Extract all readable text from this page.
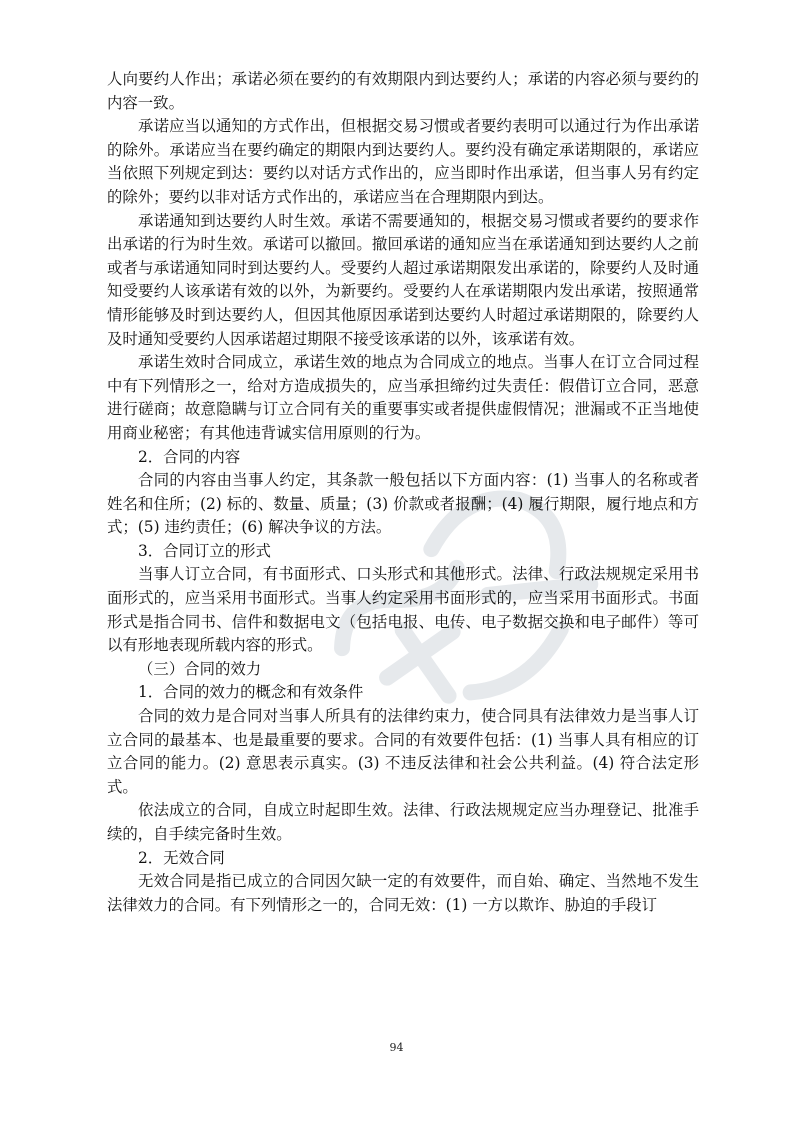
人向要约人作出；承诺必须在要约的有效期限内到达要约人；承诺的内容必须与要约的内容一致。

承诺应当以通知的方式作出，但根据交易习惯或者要约表明可以通过行为作出承诺的除外。承诺应当在要约确定的期限内到达要约人。要约没有确定承诺期限的，承诺应当依照下列规定到达：要约以对话方式作出的，应当即时作出承诺，但当事人另有约定的除外；要约以非对话方式作出的，承诺应当在合理期限内到达。

承诺通知到达要约人时生效。承诺不需要通知的，根据交易习惯或者要约的要求作出承诺的行为时生效。承诺可以撤回。撤回承诺的通知应当在承诺通知到达要约人之前或者与承诺通知同时到达要约人。受要约人超过承诺期限发出承诺的，除要约人及时通知受要约人该承诺有效的以外，为新要约。受要约人在承诺期限内发出承诺，按照通常情形能够及时到达要约人，但因其他原因承诺到达要约人时超过承诺期限的，除要约人及时通知受要约人因承诺超过期限不接受该承诺的以外，该承诺有效。

承诺生效时合同成立，承诺生效的地点为合同成立的地点。当事人在订立合同过程中有下列情形之一，给对方造成损失的，应当承担缔约过失责任：假借订立合同，恶意进行磋商；故意隐瞒与订立合同有关的重要事实或者提供虚假情况；泄漏或不正当地使用商业秘密；有其他违背诚实信用原则的行为。

2．合同的内容

合同的内容由当事人约定，其条款一般包括以下方面内容：(1) 当事人的名称或者姓名和住所；(2) 标的、数量、质量；(3) 价款或者报酬；(4) 履行期限，履行地点和方式；(5) 违约责任；(6) 解决争议的方法。

3．合同订立的形式

当事人订立合同，有书面形式、口头形式和其他形式。法律、行政法规规定采用书面形式的，应当采用书面形式。当事人约定采用书面形式的，应当采用书面形式。书面形式是指合同书、信件和数据电文（包括电报、电传、电子数据交换和电子邮件）等可以有形地表现所载内容的形式。

（三）合同的效力

1．合同的效力的概念和有效条件

合同的效力是合同对当事人所具有的法律约束力，使合同具有法律效力是当事人订立合同的最基本、也是最重要的要求。合同的有效要件包括：(1) 当事人具有相应的订立合同的能力。(2) 意思表示真实。(3) 不违反法律和社会公共利益。(4) 符合法定形式。

依法成立的合同，自成立时起即生效。法律、行政法规规定应当办理登记、批准手续的，自手续完备时生效。

2．无效合同

无效合同是指已成立的合同因欠缺一定的有效要件，而自始、确定、当然地不发生法律效力的合同。有下列情形之一的，合同无效：(1) 一方以欺诈、胁迫的手段订

94
